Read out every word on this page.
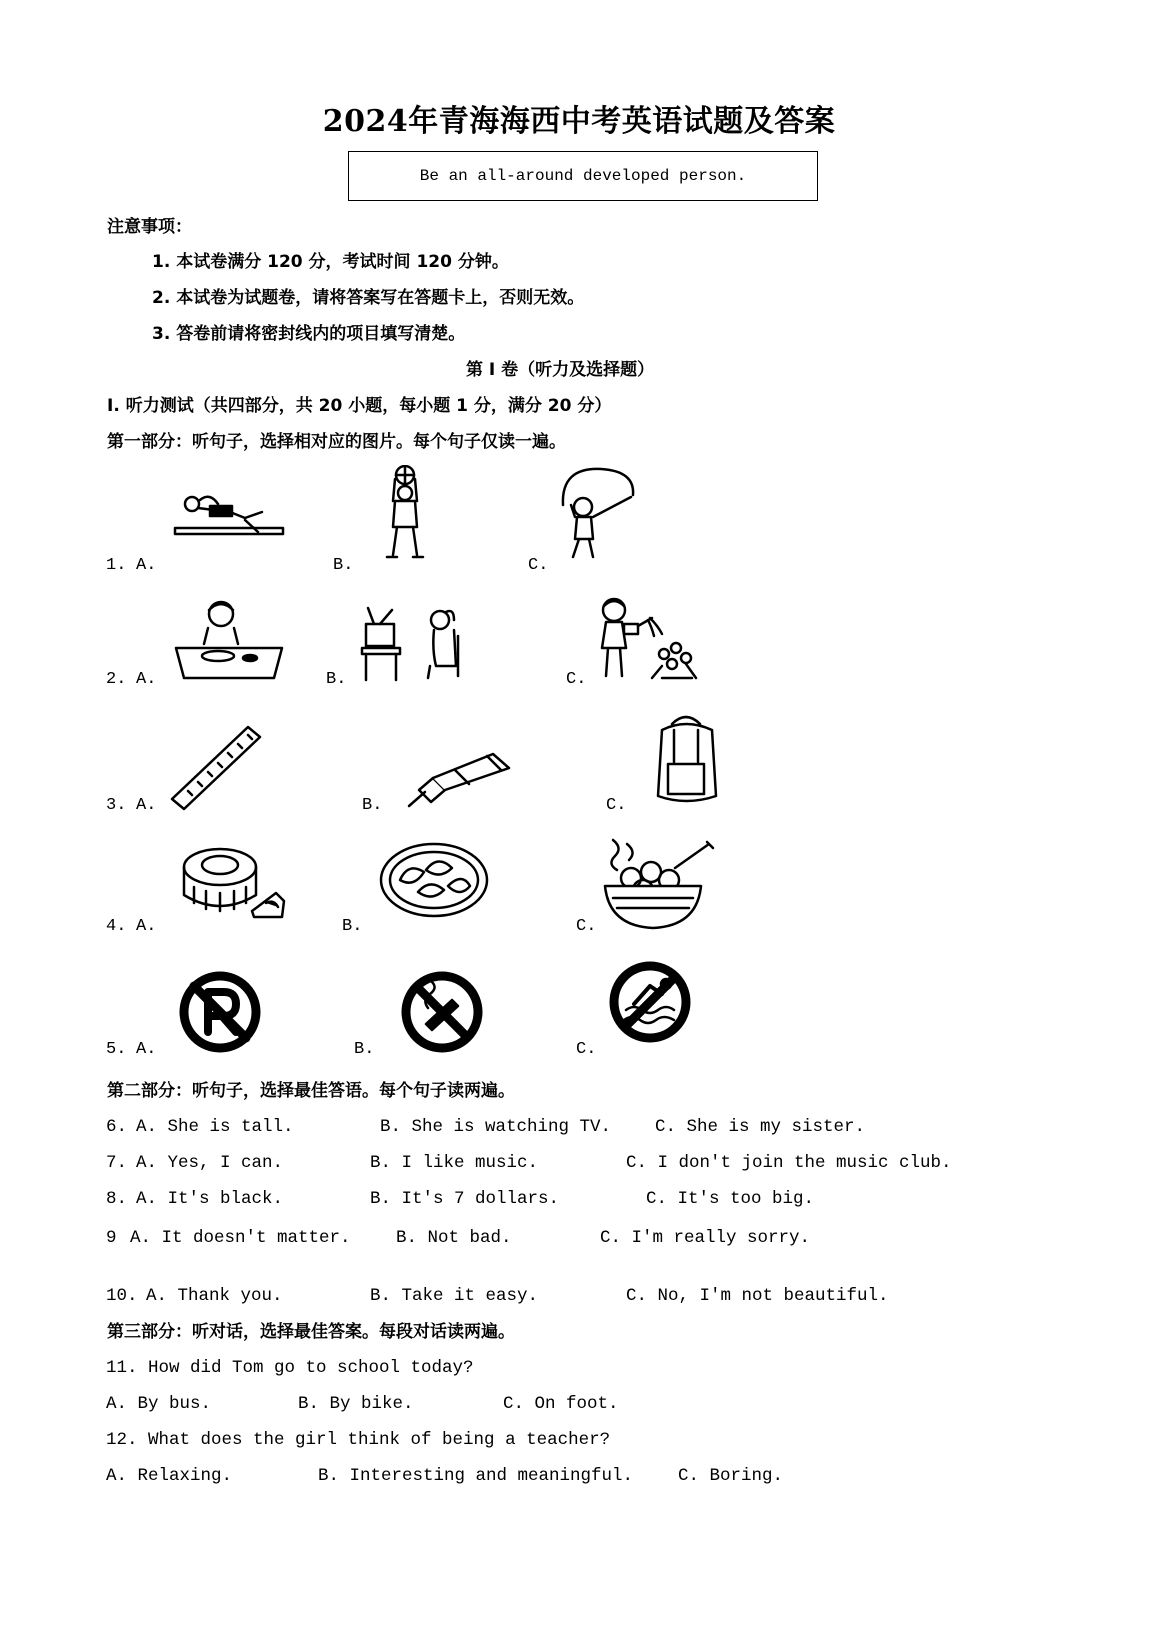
2024年青海海西中考英语试题及答案
Be an all-around developed person.
注意事项：
1. 本试卷满分 120 分，考试时间 120 分钟。
2. 本试卷为试题卷，请将答案写在答题卡上，否则无效。
3. 答卷前请将密封线内的项目填写清楚。
第 I 卷（听力及选择题）
I. 听力测试（共四部分，共 20 小题，每小题 1 分，满分 20 分）
第一部分：听句子，选择相对应的图片。每个句子仅读一遍。
1. A.	B.	C.
2. A.	B.	C.
3. A.	B.	C.
4. A.	B.	C.
5. A.	B.	C.
第二部分：听句子，选择最佳答语。每个句子读两遍。
6. A. She is tall.	B. She is watching TV.	C. She is my sister.
7. A. Yes, I can.	B. I like music.	C. I don't join the music club.
8. A. It's black.	B. It's 7 dollars.	C. It's too big.
9 A. It doesn't matter.	B. Not bad.	C. I'm really sorry.
10. A. Thank you.	B. Take it easy.	C. No, I'm not beautiful.
第三部分：听对话，选择最佳答案。每段对话读两遍。
11. How did Tom go to school today?
A. By bus.	B. By bike.	C. On foot.
12. What does the girl think of being a teacher?
A. Relaxing.	B. Interesting and meaningful.	C. Boring.
